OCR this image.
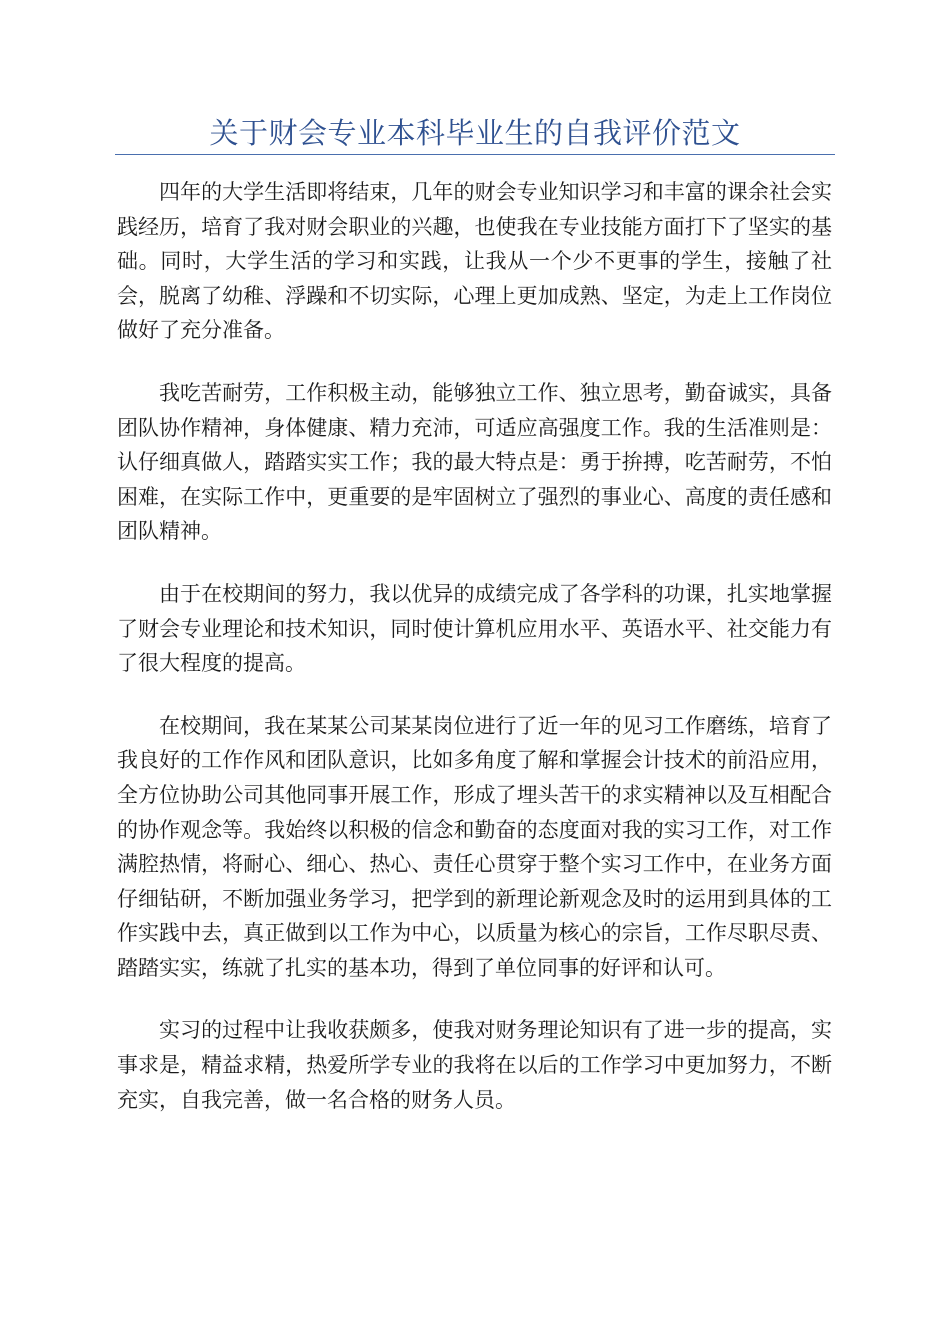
关于财会专业本科毕业生的自我评价范文

四年的大学生活即将结束，几年的财会专业知识学习和丰富的课余社会实践经历，培育了我对财会职业的兴趣，也使我在专业技能方面打下了坚实的基础。同时，大学生活的学习和实践，让我从一个少不更事的学生，接触了社会，脱离了幼稚、浮躁和不切实际，心理上更加成熟、坚定，为走上工作岗位做好了充分准备。

我吃苦耐劳，工作积极主动，能够独立工作、独立思考，勤奋诚实，具备团队协作精神，身体健康、精力充沛，可适应高强度工作。我的生活准则是：认仔细真做人，踏踏实实工作；我的最大特点是：勇于拚搏，吃苦耐劳，不怕困难，在实际工作中，更重要的是牢固树立了强烈的事业心、高度的责任感和团队精神。

由于在校期间的努力，我以优异的成绩完成了各学科的功课，扎实地掌握了财会专业理论和技术知识，同时使计算机应用水平、英语水平、社交能力有了很大程度的提高。

在校期间，我在某某公司某某岗位进行了近一年的见习工作磨练，培育了我良好的工作作风和团队意识，比如多角度了解和掌握会计技术的前沿应用，全方位协助公司其他同事开展工作，形成了埋头苦干的求实精神以及互相配合的协作观念等。我始终以积极的信念和勤奋的态度面对我的实习工作，对工作满腔热情，将耐心、细心、热心、责任心贯穿于整个实习工作中，在业务方面仔细钻研，不断加强业务学习，把学到的新理论新观念及时的运用到具体的工作实践中去，真正做到以工作为中心，以质量为核心的宗旨，工作尽职尽责、踏踏实实，练就了扎实的基本功，得到了单位同事的好评和认可。

实习的过程中让我收获颇多，使我对财务理论知识有了进一步的提高，实事求是，精益求精，热爱所学专业的我将在以后的工作学习中更加努力，不断充实，自我完善，做一名合格的财务人员。
